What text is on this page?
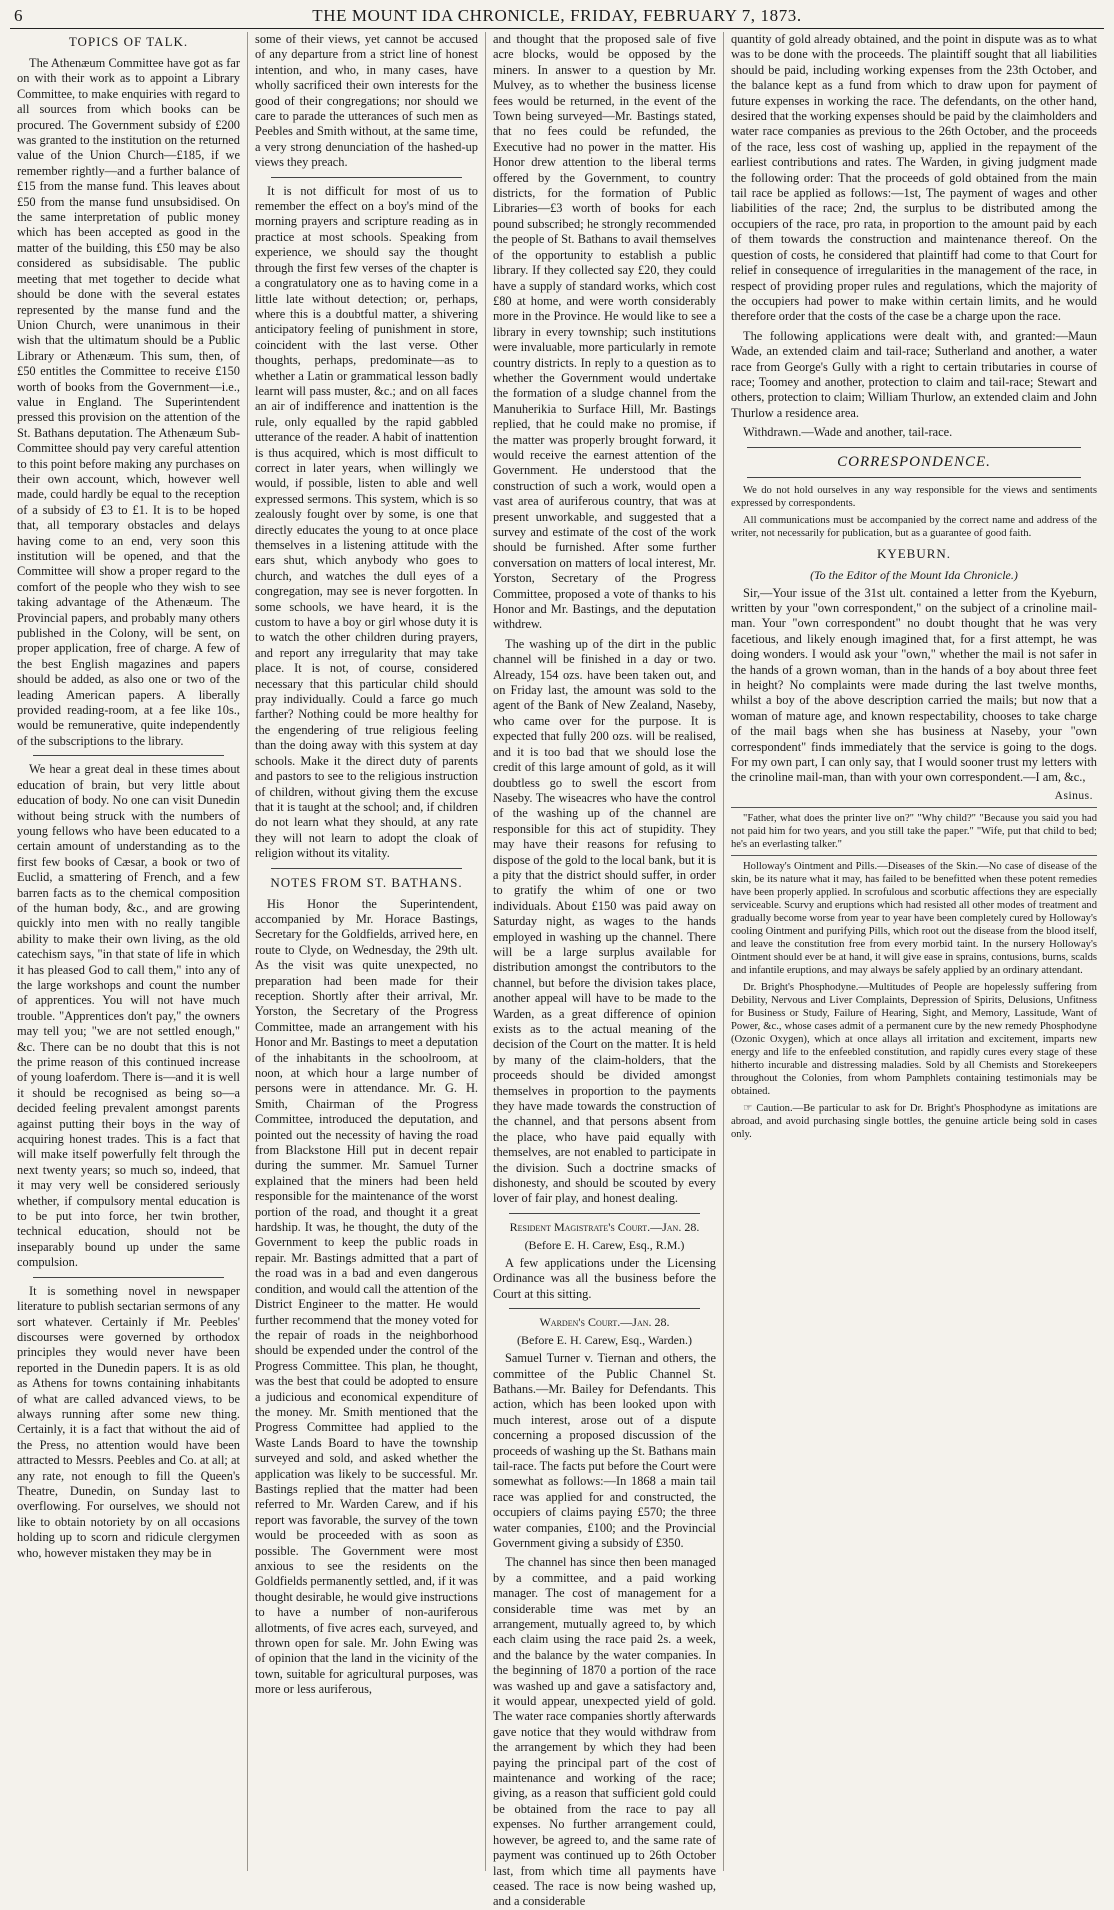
6	THE MOUNT IDA CHRONICLE, FRIDAY, FEBRUARY 7, 1873.
TOPICS OF TALK.

The Athenæum Committee have got as far on with their work as to appoint a Library Committee, to make enquiries with regard to all sources from which books can be procured. The Government subsidy of £200 was granted to the institution on the returned value of the Union Church—£185, if we remember rightly—and a further balance of £15 from the manse fund. This leaves about £50 from the manse fund unsubsidised. On the same interpretation of public money which has been accepted as good in the matter of the building, this £50 may be also considered as subsidisable. The public meeting that met together to decide what should be done with the several estates represented by the manse fund and the Union Church, were unanimous in their wish that the ultimatum should be a Public Library or Athenæum. This sum, then, of £50 entitles the Committee to receive £150 worth of books from the Government—i.e., value in England. The Superintendent pressed this provision on the attention of the St. Bathans deputation. The Athenæum Sub-Committee should pay very careful attention to this point before making any purchases on their own account, which, however well made, could hardly be equal to the reception of a subsidy of £3 to £1. It is to be hoped that, all temporary obstacles and delays having come to an end, very soon this institution will be opened, and that the Committee will show a proper regard to the comfort of the people who they wish to see taking advantage of the Athenæum. The Provincial papers, and probably many others published in the Colony, will be sent, on proper application, free of charge. A few of the best English magazines and papers should be added, as also one or two of the leading American papers. A liberally provided reading-room, at a fee like 10s., would be remunerative, quite independently of the subscriptions to the library.

We hear a great deal in these times about education of brain, but very little about education of body. No one can visit Dunedin without being struck with the numbers of young fellows who have been educated to a certain amount of understanding as to the first few books of Cæsar, a book or two of Euclid, a smattering of French, and a few barren facts as to the chemical composition of the human body, &c., and are growing quickly into men with no really tangible ability to make their own living, as the old catechism says, "in that state of life in which it has pleased God to call them," into any of the large workshops and count the number of apprentices. You will not have much trouble. "Apprentices don't pay," the owners may tell you; "we are not settled enough," &c. There can be no doubt that this is not the prime reason of this continued increase of young loaferdom. There is—and it is well it should be recognised as being so—a decided feeling prevalent amongst parents against putting their boys in the way of acquiring honest trades. This is a fact that will make itself powerfully felt through the next twenty years; so much so, indeed, that it may very well be considered seriously whether, if compulsory mental education is to be put into force, her twin brother, technical education, should not be inseparably bound up under the same compulsion.

It is something novel in newspaper literature to publish sectarian sermons of any sort whatever. Certainly if Mr. Peebles' discourses were governed by orthodox principles they would never have been reported in the Dunedin papers. It is as old as Athens for towns containing inhabitants of what are called advanced views, to be always running after some new thing. Certainly, it is a fact that without the aid of the Press, no attention would have been attracted to Messrs. Peebles and Co. at all; at any rate, not enough to fill the Queen's Theatre, Dunedin, on Sunday last to overflowing. For ourselves, we should not like to obtain notoriety by on all occasions holding up to scorn and ridicule clergymen who, however mistaken they may be in

some of their views, yet cannot be accused of any departure from a strict line of honest intention, and who, in many cases, have wholly sacrificed their own interests for the good of their congregations; nor should we care to parade the utterances of such men as Peebles and Smith without, at the same time, a very strong denunciation of the hashed-up views they preach.

It is not difficult for most of us to remember the effect on a boy's mind of the morning prayers and scripture reading as in practice at most schools. Speaking from experience, we should say the thought through the first few verses of the chapter is a congratulatory one as to having come in a little late without detection; or, perhaps, where this is a doubtful matter, a shivering anticipatory feeling of punishment in store, coincident with the last verse. Other thoughts, perhaps, predominate—as to whether a Latin or grammatical lesson badly learnt will pass muster, &c.; and on all faces an air of indifference and inattention is the rule, only equalled by the rapid gabbled utterance of the reader. A habit of inattention is thus acquired, which is most difficult to correct in later years, when willingly we would, if possible, listen to able and well expressed sermons. This system, which is so zealously fought over by some, is one that directly educates the young to at once place themselves in a listening attitude with the ears shut, which anybody who goes to church, and watches the dull eyes of a congregation, may see is never forgotten. In some schools, we have heard, it is the custom to have a boy or girl whose duty it is to watch the other children during prayers, and report any irregularity that may take place. It is not, of course, considered necessary that this particular child should pray individually. Could a farce go much farther? Nothing could be more healthy for the engendering of true religious feeling than the doing away with this system at day schools. Make it the direct duty of parents and pastors to see to the religious instruction of children, without giving them the excuse that it is taught at the school; and, if children do not learn what they should, at any rate they will not learn to adopt the cloak of religion without its vitality.

NOTES FROM ST. BATHANS.

His Honor the Superintendent, accompanied by Mr. Horace Bastings, Secretary for the Goldfields, arrived here, en route to Clyde, on Wednesday, the 29th ult. As the visit was quite unexpected, no preparation had been made for their reception. Shortly after their arrival, Mr. Yorston, the Secretary of the Progress Committee, made an arrangement with his Honor and Mr. Bastings to meet a deputation of the inhabitants in the schoolroom, at noon, at which hour a large number of persons were in attendance. Mr. G. H. Smith, Chairman of the Progress Committee, introduced the deputation, and pointed out the necessity of having the road from Blackstone Hill put in decent repair during the summer. Mr. Samuel Turner explained that the miners had been held responsible for the maintenance of the worst portion of the road, and thought it a great hardship. It was, he thought, the duty of the Government to keep the public roads in repair. Mr. Bastings admitted that a part of the road was in a bad and even dangerous condition, and would call the attention of the District Engineer to the matter. He would further recommend that the money voted for the repair of roads in the neighborhood should be expended under the control of the Progress Committee. This plan, he thought, was the best that could be adopted to ensure a judicious and economical expenditure of the money. Mr. Smith mentioned that the Progress Committee had applied to the Waste Lands Board to have the township surveyed and sold, and asked whether the application was likely to be successful. Mr. Bastings replied that the matter had been referred to Mr. Warden Carew, and if his report was favorable, the survey of the town would be proceeded with as soon as possible. The Government were most anxious to see the residents on the Goldfields permanently settled, and, if it was thought desirable, he would give instructions to have a number of non-auriferous allotments, of five acres each, surveyed, and thrown open for sale. Mr. John Ewing was of opinion that the land in the vicinity of the town, suitable for agricultural purposes, was more or less auriferous,

and thought that the proposed sale of five acre blocks, would be opposed by the miners. In answer to a question by Mr. Mulvey, as to whether the business license fees would be returned, in the event of the Town being surveyed—Mr. Bastings stated, that no fees could be refunded, the Executive had no power in the matter. His Honor drew attention to the liberal terms offered by the Government, to country districts, for the formation of Public Libraries—£3 worth of books for each pound subscribed; he strongly recommended the people of St. Bathans to avail themselves of the opportunity to establish a public library. If they collected say £20, they could have a supply of standard works, which cost £80 at home, and were worth considerably more in the Province. He would like to see a library in every township; such institutions were invaluable, more particularly in remote country districts. In reply to a question as to whether the Government would undertake the formation of a sludge channel from the Manuherikia to Surface Hill, Mr. Bastings replied, that he could make no promise, if the matter was properly brought forward, it would receive the earnest attention of the Government. He understood that the construction of such a work, would open a vast area of auriferous country, that was at present unworkable, and suggested that a survey and estimate of the cost of the work should be furnished. After some further conversation on matters of local interest, Mr. Yorston, Secretary of the Progress Committee, proposed a vote of thanks to his Honor and Mr. Bastings, and the deputation withdrew.

The washing up of the dirt in the public channel will be finished in a day or two. Already, 154 ozs. have been taken out, and on Friday last, the amount was sold to the agent of the Bank of New Zealand, Naseby, who came over for the purpose. It is expected that fully 200 ozs. will be realised, and it is too bad that we should lose the credit of this large amount of gold, as it will doubtless go to swell the escort from Naseby. The wiseacres who have the control of the washing up of the channel are responsible for this act of stupidity. They may have their reasons for refusing to dispose of the gold to the local bank, but it is a pity that the district should suffer, in order to gratify the whim of one or two individuals. About £150 was paid away on Saturday night, as wages to the hands employed in washing up the channel. There will be a large surplus available for distribution amongst the contributors to the channel, but before the division takes place, another appeal will have to be made to the Warden, as a great difference of opinion exists as to the actual meaning of the decision of the Court on the matter. It is held by many of the claim-holders, that the proceeds should be divided amongst themselves in proportion to the payments they have made towards the construction of the channel, and that persons absent from the place, who have paid equally with themselves, are not enabled to participate in the division. Such a doctrine smacks of dishonesty, and should be scouted by every lover of fair play, and honest dealing.

Resident Magistrate's Court.—Jan. 28.
(Before E. H. Carew, Esq., R.M.)

A few applications under the Licensing Ordinance was all the business before the Court at this sitting.

Warden's Court.—Jan. 28.
(Before E. H. Carew, Esq., Warden.)

Samuel Turner v. Tiernan and others, the committee of the Public Channel St. Bathans.—Mr. Bailey for Defendants. This action, which has been looked upon with much interest, arose out of a dispute concerning a proposed discussion of the proceeds of washing up the St. Bathans main tail-race. The facts put before the Court were somewhat as follows:—In 1868 a main tail race was applied for and constructed, the occupiers of claims paying £570; the three water companies, £100; and the Provincial Government giving a subsidy of £350.

The channel has since then been managed by a committee, and a paid working manager. The cost of management for a considerable time was met by an arrangement, mutually agreed to, by which each claim using the race paid 2s. a week, and the balance by the water companies. In the beginning of 1870 a portion of the race was washed up and gave a satisfactory and, it would appear, unexpected yield of gold. The water race companies shortly afterwards gave notice that they would withdraw from the arrangement by which they had been paying the principal part of the cost of maintenance and working of the race; giving, as a reason that sufficient gold could be obtained from the race to pay all expenses. No further arrangement could, however, be agreed to, and the same rate of payment was continued up to 26th October last, from which time all payments have ceased. The race is now being washed up, and a considerable

quantity of gold already obtained, and the point in dispute was as to what was to be done with the proceeds. The plaintiff sought that all liabilities should be paid, including working expenses from the 23th October, and the balance kept as a fund from which to draw upon for payment of future expenses in working the race. The defendants, on the other hand, desired that the working expenses should be paid by the claimholders and water race companies as previous to the 26th October, and the proceeds of the race, less cost of washing up, applied in the repayment of the earliest contributions and rates. The Warden, in giving judgment made the following order: That the proceeds of gold obtained from the main tail race be applied as follows:—1st, The payment of wages and other liabilities of the race; 2nd, the surplus to be distributed among the occupiers of the race, pro rata, in proportion to the amount paid by each of them towards the construction and maintenance thereof. On the question of costs, he considered that plaintiff had come to that Court for relief in consequence of irregularities in the management of the race, in respect of providing proper rules and regulations, which the majority of the occupiers had power to make within certain limits, and he would therefore order that the costs of the case be a charge upon the race.

The following applications were dealt with, and granted:—Maun Wade, an extended claim and tail-race; Sutherland and another, a water race from George's Gully with a right to certain tributaries in course of race; Toomey and another, protection to claim and tail-race; Stewart and others, protection to claim; William Thurlow, an extended claim and John Thurlow a residence area.

Withdrawn.—Wade and another, tail-race.

CORRESPONDENCE.

We do not hold ourselves in any way responsible for the views and sentiments expressed by correspondents.

All communications must be accompanied by the correct name and address of the writer, not necessarily for publication, but as a guarantee of good faith.

KYEBURN.
(To the Editor of the Mount Ida Chronicle.)

Sir,—Your issue of the 31st ult. contained a letter from the Kyeburn, written by your "own correspondent," on the subject of a crinoline mail-man. Your "own correspondent" no doubt thought that he was very facetious, and likely enough imagined that, for a first attempt, he was doing wonders. I would ask your "own," whether the mail is not safer in the hands of a grown woman, than in the hands of a boy about three feet in height? No complaints were made during the last twelve months, whilst a boy of the above description carried the mails; but now that a woman of mature age, and known respectability, chooses to take charge of the mail bags when she has business at Naseby, your "own correspondent" finds immediately that the service is going to the dogs. For my own part, I can only say, that I would sooner trust my letters with the crinoline mail-man, than with your own correspondent.—I am, &c.,

Asinus.

"Father, what does the printer live on?" "Why child?" "Because you said you had not paid him for two years, and you still take the paper." "Wife, put that child to bed; he's an everlasting talker."

Holloway's Ointment and Pills.—Diseases of the Skin.—No case of disease of the skin, be its nature what it may, has failed to be benefitted when these potent remedies have been properly applied. In scrofulous and scorbutic affections they are especially serviceable. Scurvy and eruptions which had resisted all other modes of treatment and gradually become worse from year to year have been completely cured by Holloway's cooling Ointment and purifying Pills, which root out the disease from the blood itself, and leave the constitution free from every morbid taint. In the nursery Holloway's Ointment should ever be at hand, it will give ease in sprains, contusions, burns, scalds and infantile eruptions, and may always be safely applied by an ordinary attendant.

Dr. Bright's Phosphodyne.—Multitudes of People are hopelessly suffering from Debility, Nervous and Liver Complaints, Depression of Spirits, Delusions, Unfitness for Business or Study, Failure of Hearing, Sight, and Memory, Lassitude, Want of Power, &c., whose cases admit of a permanent cure by the new remedy Phosphodyne (Ozonic Oxygen), which at once allays all irritation and excitement, imparts new energy and life to the enfeebled constitution, and rapidly cures every stage of these hitherto incurable and distressing maladies. Sold by all Chemists and Storekeepers throughout the Colonies, from whom Pamphlets containing testimonials may be obtained.

☞ Caution.—Be particular to ask for Dr. Bright's Phosphodyne as imitations are abroad, and avoid purchasing single bottles, the genuine article being sold in cases only.
